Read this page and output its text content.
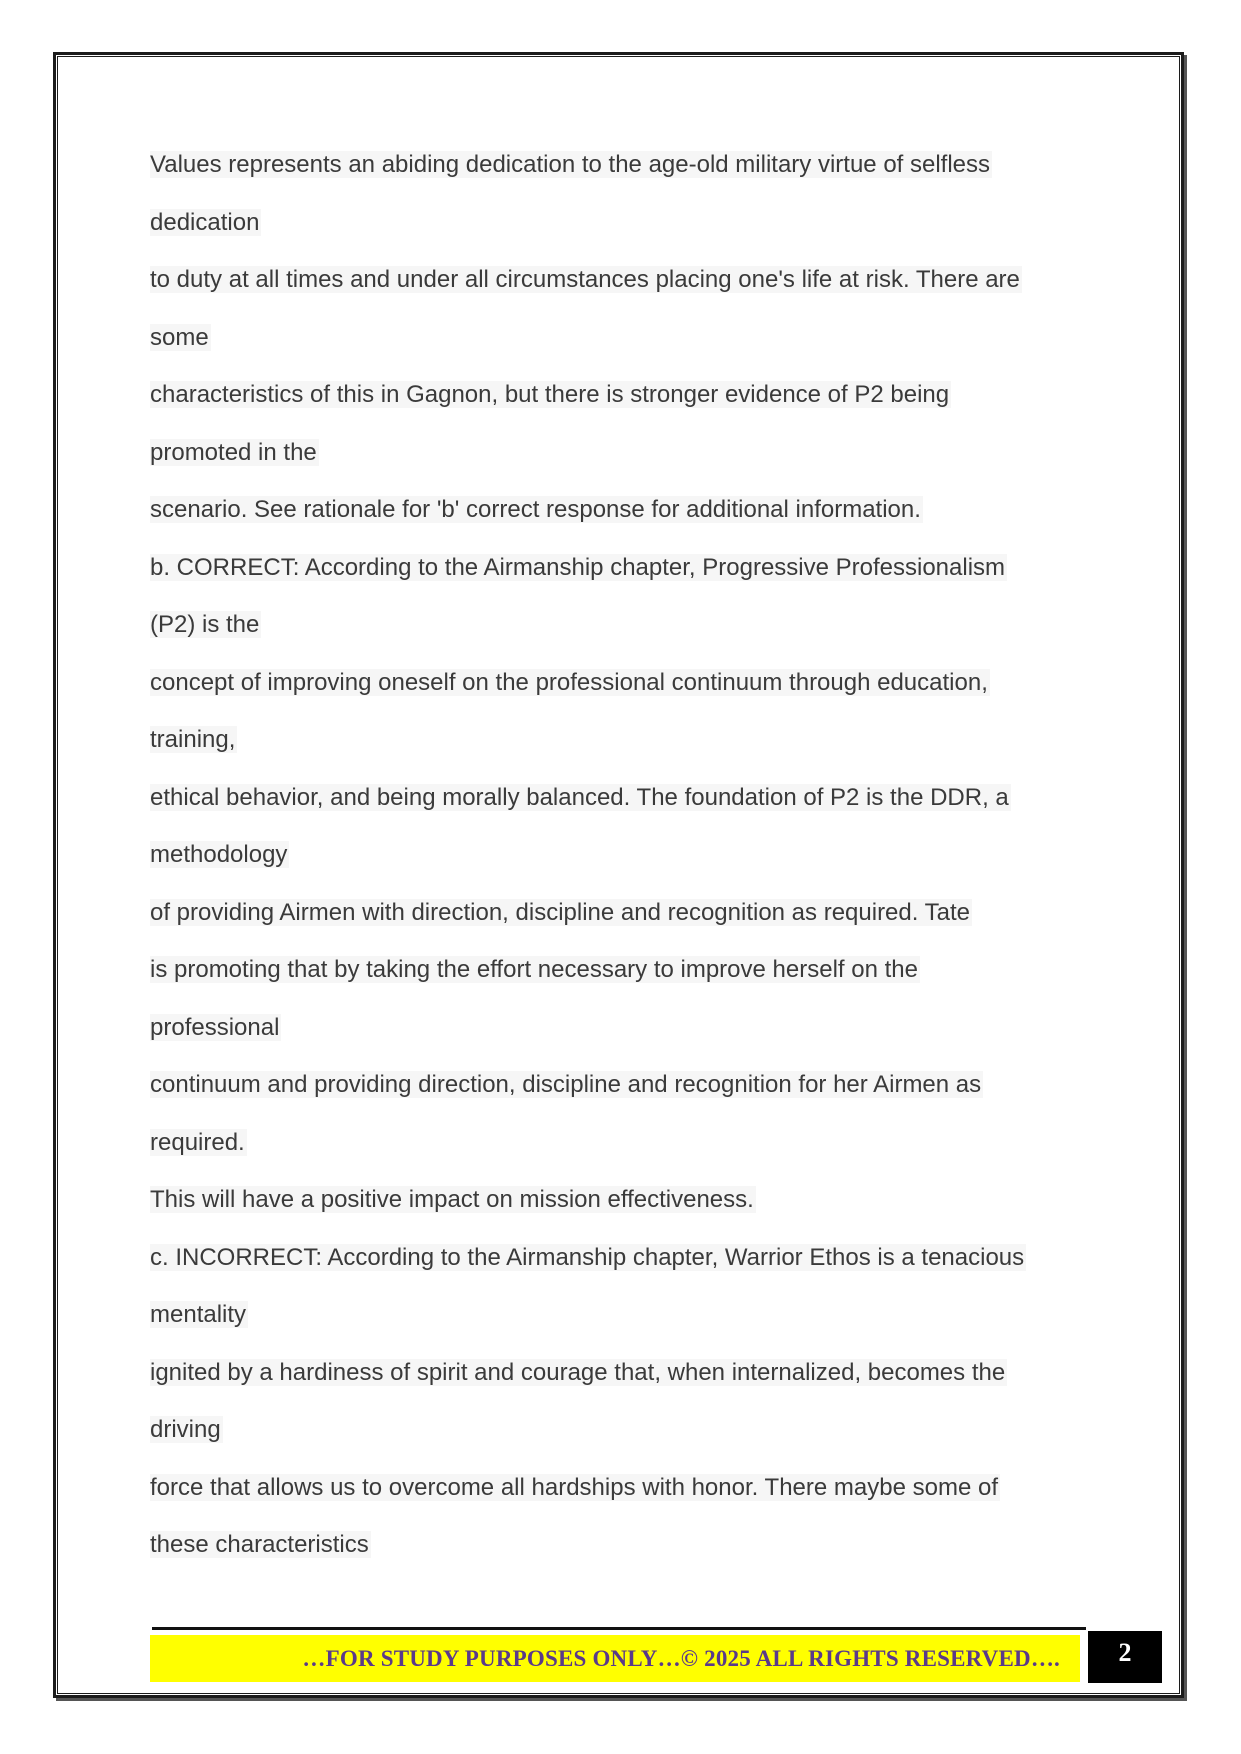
Values represents an abiding dedication to the age-old military virtue of selfless
dedication
to duty at all times and under all circumstances placing one's life at risk. There are
some
characteristics of this in Gagnon, but there is stronger evidence of P2 being
promoted in the
scenario. See rationale for 'b' correct response for additional information.
b. CORRECT: According to the Airmanship chapter, Progressive Professionalism
(P2) is the
concept of improving oneself on the professional continuum through education,
training,
ethical behavior, and being morally balanced. The foundation of P2 is the DDR, a
methodology
of providing Airmen with direction, discipline and recognition as required. Tate
is promoting that by taking the effort necessary to improve herself on the
professional
continuum and providing direction, discipline and recognition for her Airmen as
required.
This will have a positive impact on mission effectiveness.
c. INCORRECT: According to the Airmanship chapter, Warrior Ethos is a tenacious
mentality
ignited by a hardiness of spirit and courage that, when internalized, becomes the
driving
force that allows us to overcome all hardships with honor. There maybe some of
these characteristics
…FOR STUDY PURPOSES ONLY…© 2025 ALL RIGHTS RESERVED….	2
